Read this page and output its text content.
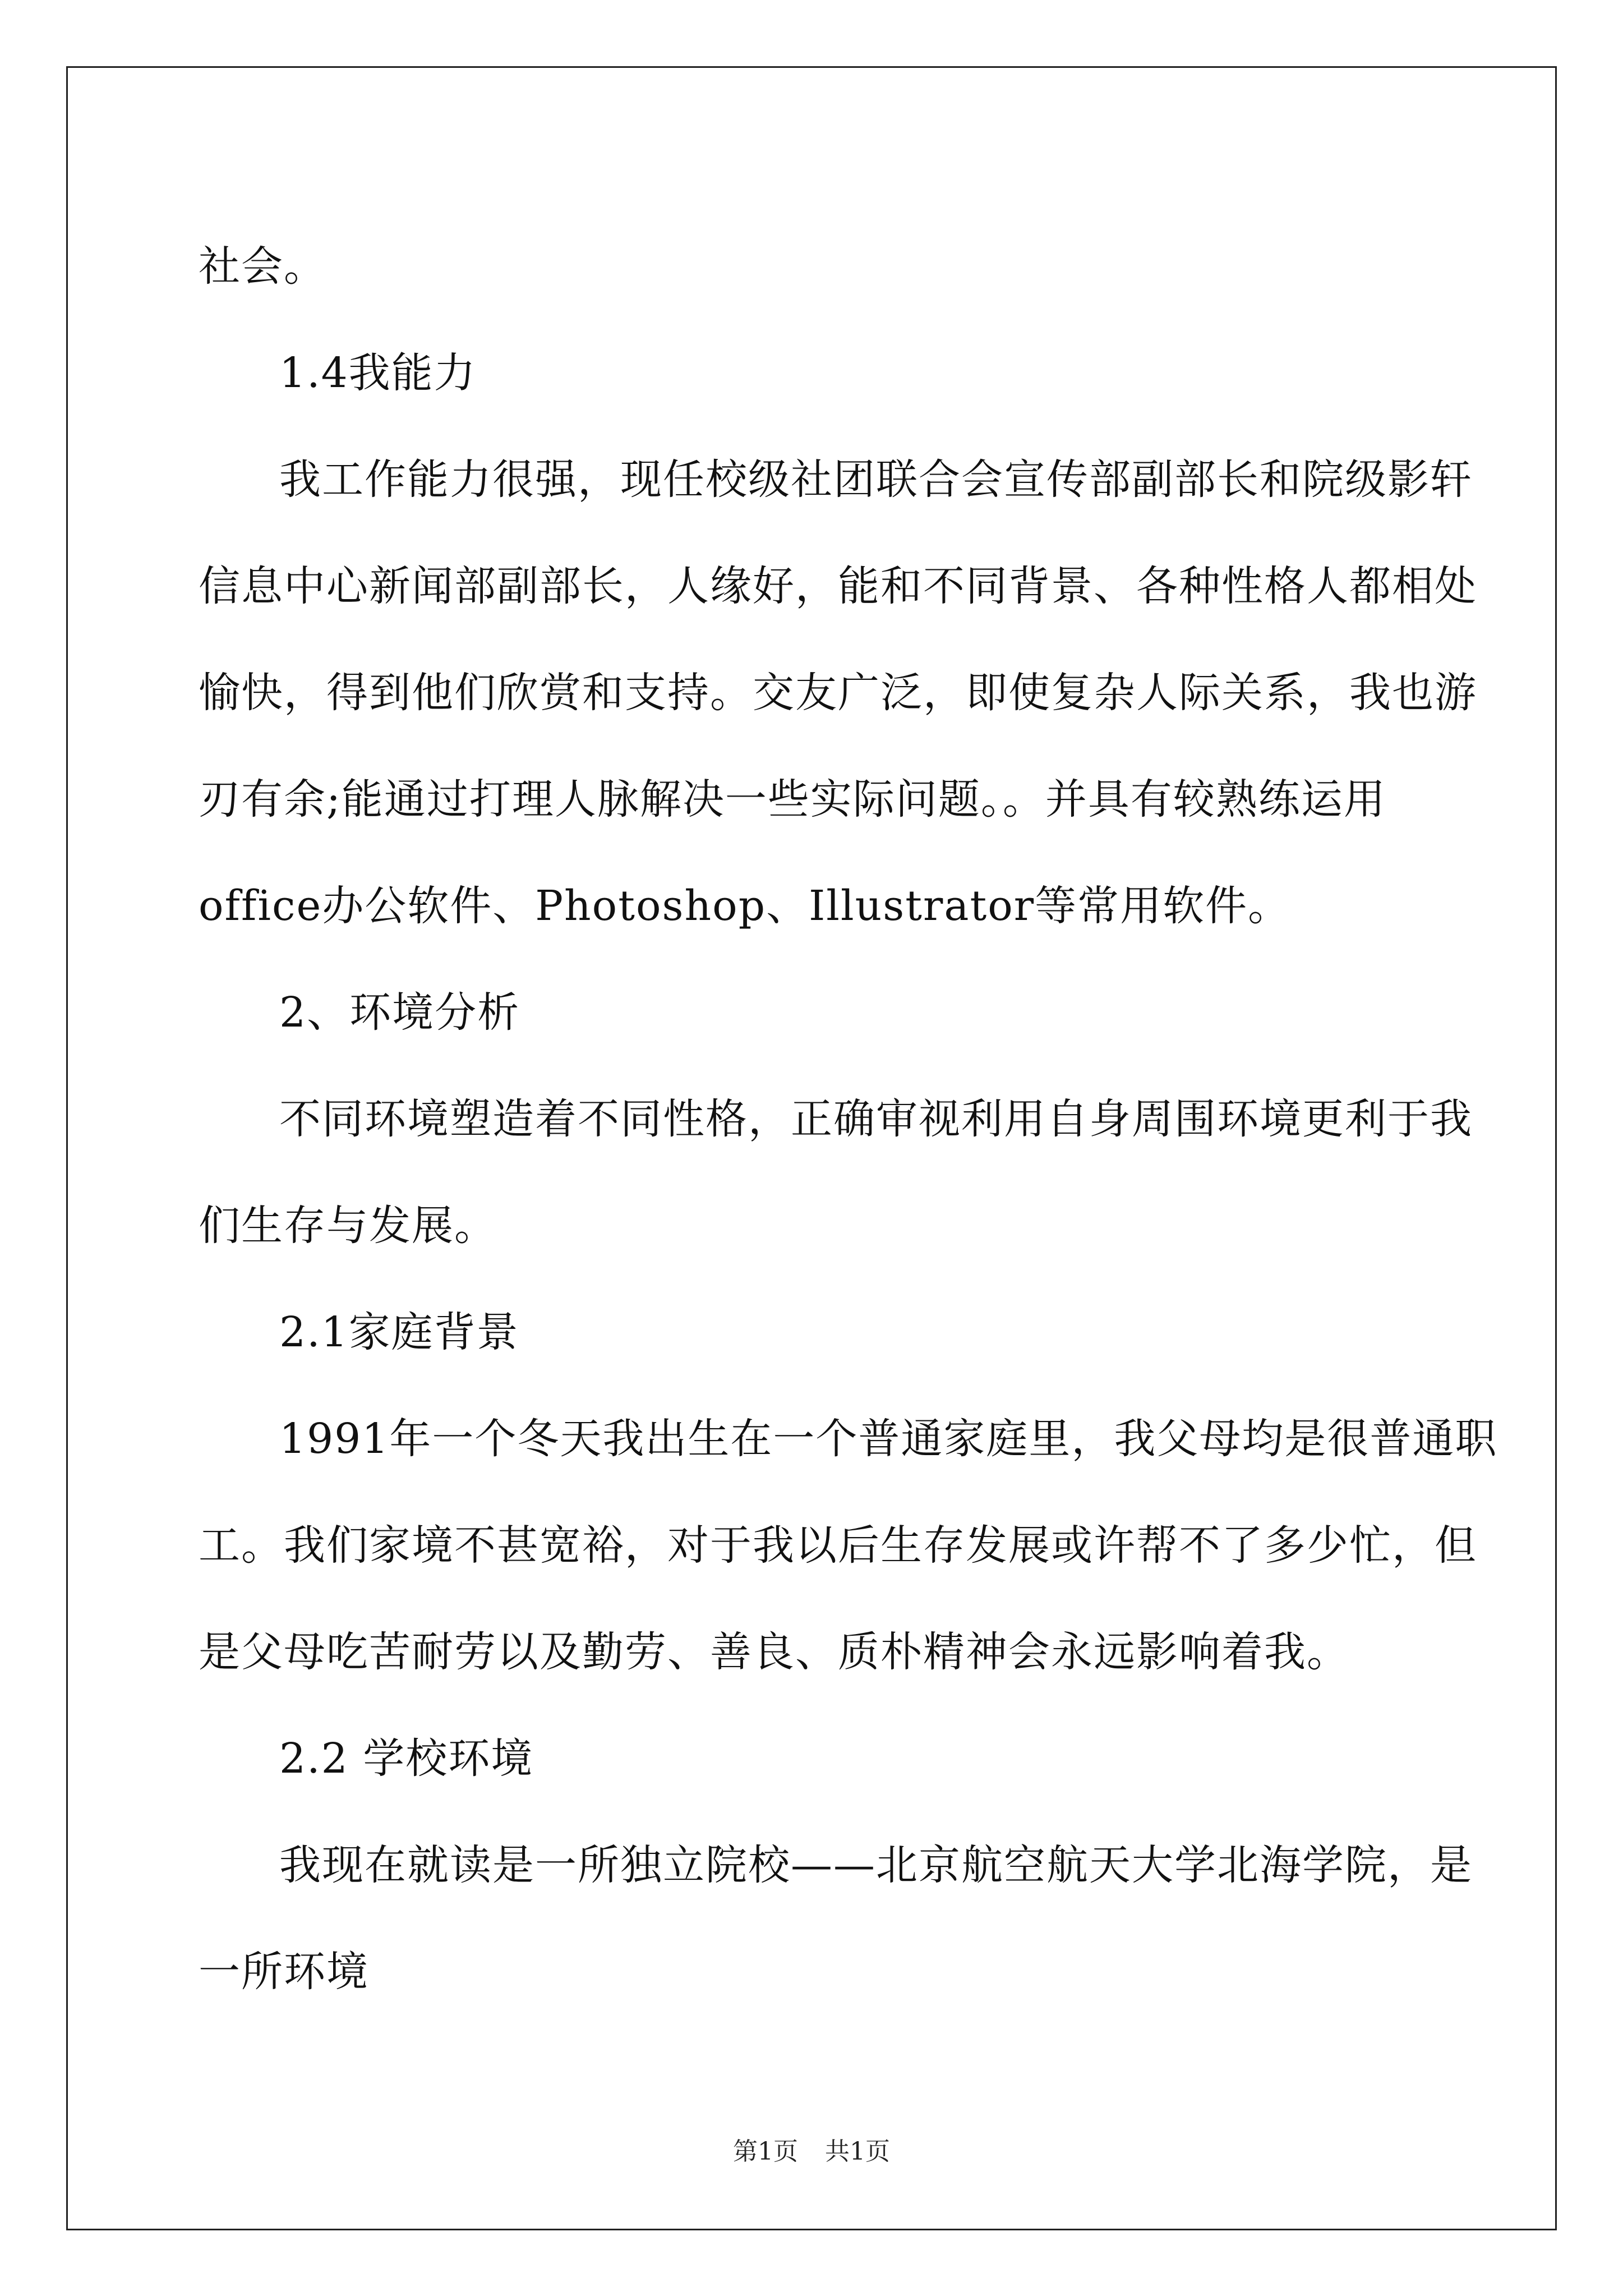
社会。
1.4我能力
我工作能力很强，现任校级社团联合会宣传部副部长和院级影轩
信息中心新闻部副部长，人缘好，能和不同背景、各种性格人都相处
愉快，得到他们欣赏和支持。交友广泛，即使复杂人际关系，我也游
刃有余;能通过打理人脉解决一些实际问题。。并具有较熟练运用
office办公软件、Photoshop、Illustrator等常用软件。
2、环境分析
不同环境塑造着不同性格，正确审视利用自身周围环境更利于我
们生存与发展。
2.1家庭背景
1991年一个冬天我出生在一个普通家庭里，我父母均是很普通职
工。我们家境不甚宽裕，对于我以后生存发展或许帮不了多少忙，但
是父母吃苦耐劳以及勤劳、善良、质朴精神会永远影响着我。
2.2 学校环境
我现在就读是一所独立院校——北京航空航天大学北海学院，是
一所环境
第1页 共1页
